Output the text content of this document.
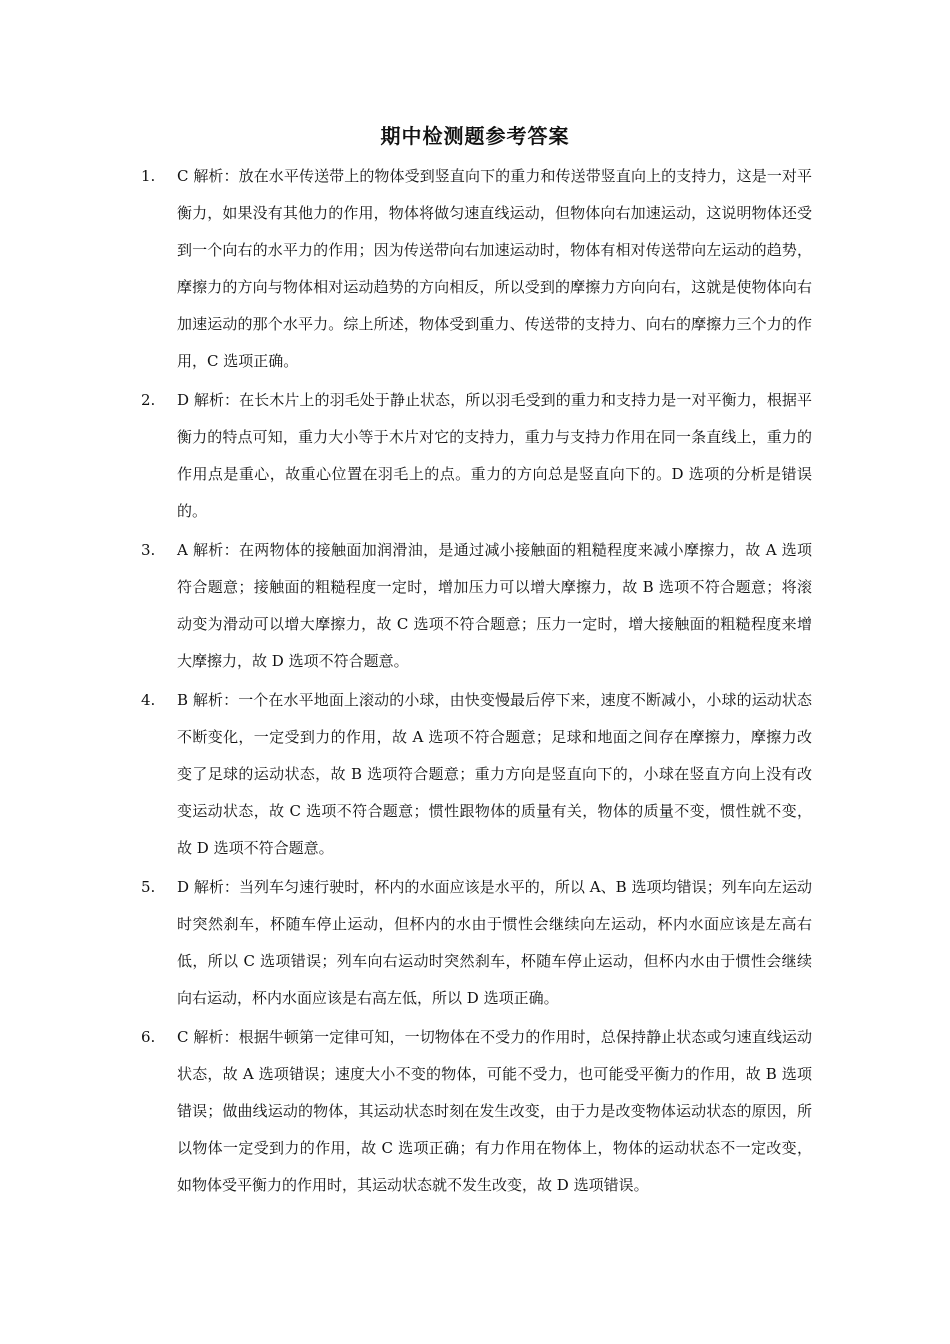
期中检测题参考答案
1.	C 解析：放在水平传送带上的物体受到竖直向下的重力和传送带竖直向上的支持力，这是一对平衡力，如果没有其他力的作用，物体将做匀速直线运动，但物体向右加速运动，这说明物体还受到一个向右的水平力的作用；因为传送带向右加速运动时，物体有相对传送带向左运动的趋势，摩擦力的方向与物体相对运动趋势的方向相反，所以受到的摩擦力方向向右，这就是使物体向右加速运动的那个水平力。综上所述，物体受到重力、传送带的支持力、向右的摩擦力三个力的作用，C 选项正确。
2.	D 解析：在长木片上的羽毛处于静止状态，所以羽毛受到的重力和支持力是一对平衡力，根据平衡力的特点可知，重力大小等于木片对它的支持力，重力与支持力作用在同一条直线上，重力的作用点是重心，故重心位置在羽毛上的点。重力的方向总是竖直向下的。D 选项的分析是错误的。
3.	A 解析：在两物体的接触面加润滑油，是通过减小接触面的粗糙程度来减小摩擦力，故 A 选项符合题意；接触面的粗糙程度一定时，增加压力可以增大摩擦力，故 B 选项不符合题意；将滚动变为滑动可以增大摩擦力，故 C 选项不符合题意；压力一定时，增大接触面的粗糙程度来增大摩擦力，故 D 选项不符合题意。
4.	B 解析：一个在水平地面上滚动的小球，由快变慢最后停下来，速度不断减小，小球的运动状态不断变化，一定受到力的作用，故 A 选项不符合题意；足球和地面之间存在摩擦力，摩擦力改变了足球的运动状态，故 B 选项符合题意；重力方向是竖直向下的，小球在竖直方向上没有改变运动状态，故 C 选项不符合题意；惯性跟物体的质量有关，物体的质量不变，惯性就不变，故 D 选项不符合题意。
5.	D 解析：当列车匀速行驶时，杯内的水面应该是水平的，所以 A、B 选项均错误；列车向左运动时突然刹车，杯随车停止运动，但杯内的水由于惯性会继续向左运动，杯内水面应该是左高右低，所以 C 选项错误；列车向右运动时突然刹车，杯随车停止运动，但杯内水由于惯性会继续向右运动，杯内水面应该是右高左低，所以 D 选项正确。
6.	C 解析：根据牛顿第一定律可知，一切物体在不受力的作用时，总保持静止状态或匀速直线运动状态，故 A 选项错误；速度大小不变的物体，可能不受力，也可能受平衡力的作用，故 B 选项错误；做曲线运动的物体，其运动状态时刻在发生改变，由于力是改变物体运动状态的原因，所以物体一定受到力的作用，故 C 选项正确；有力作用在物体上，物体的运动状态不一定改变，如物体受平衡力的作用时，其运动状态就不发生改变，故 D 选项错误。
